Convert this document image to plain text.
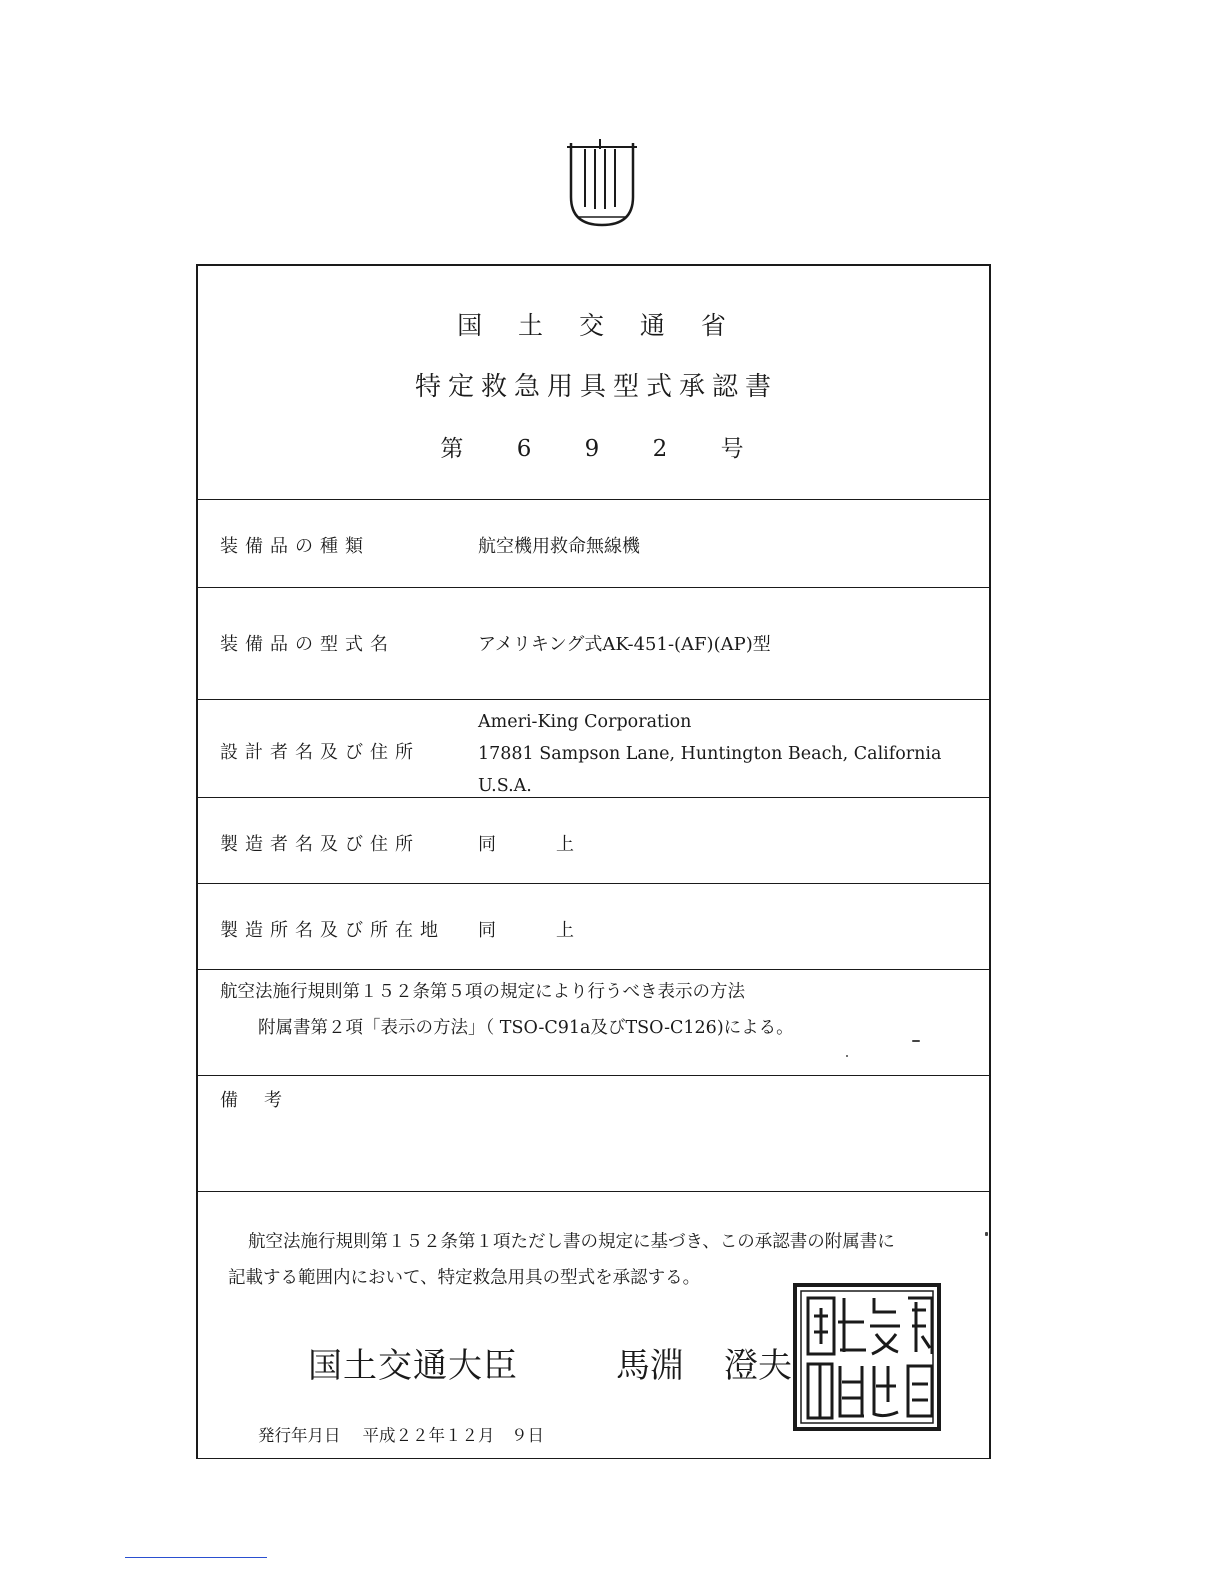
国 土 交 通 省
特定救急用具型式承認書
第 6 9 2 号
装備品の種類	航空機用救命無線機
装備品の型式名	アメリキング式AK-451-(AF)(AP)型
設計者名及び住所
Ameri-King Corporation
17881 Sampson Lane, Huntington Beach, California
U.S.A.
製造者名及び住所	同上
製造所名及び所在地 同上
航空法施行規則第１５２条第５項の規定により行うべき表示の方法
附属書第２項「表示の方法」（ TSO-C91a及びTSO-C126)による。
備考
航空法施行規則第１５２条第１項ただし書の規定に基づき、この承認書の附属書に
記載する範囲内において、特定救急用具の型式を承認する。
国土交通大臣	馬淵 澄夫
発行年月日 平成２２年１２月　９日
